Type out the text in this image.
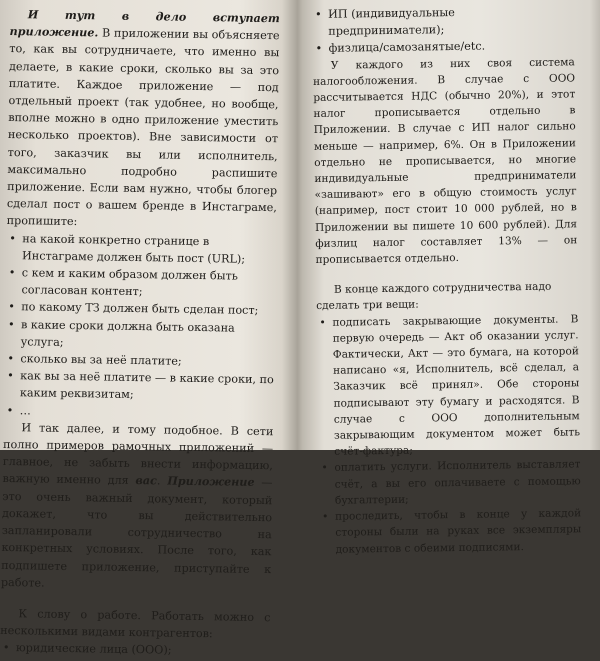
И тут в дело вступает приложение. В приложении вы объясняете то, как вы сотрудничаете, что именно вы делаете, в какие сроки, сколько вы за это платите. Каждое приложение — под отдельный проект (так удобнее, но вообще, вполне можно в одно приложение уместить несколько проектов). Вне зависимости от того, заказчик вы или исполнитель, максимально подробно распишите приложение. Если вам нужно, чтобы блогер сделал пост о вашем бренде в Инстаграме, пропишите:

• на какой конкретно странице в Инстаграме должен быть пост (URL);
• с кем и каким образом должен быть согласован контент;
• по какому ТЗ должен быть сделан пост;
• в какие сроки должна быть оказана услуга;
• сколько вы за неё платите;
• как вы за неё платите — в какие сроки, по каким реквизитам;
• …

И так далее, и тому подобное. В сети полно примеров рамочных приложений — главное, не забыть внести информацию, важную именно для вас. Приложение — это очень важный документ, который докажет, что вы действительно запланировали сотрудничество на конкретных условиях. После того, как подпишете приложение, приступайте к работе.

К слову о работе. Работать можно с несколькими видами контрагентов:

• юридические лица (ООО);
• ИП (индивидуальные предприниматели);
• физлица/самозанятые/etc.

У каждого из них своя система налогообложения. В случае с ООО рассчитывается НДС (обычно 20%), и этот налог прописывается отдельно в Приложении. В случае с ИП налог сильно меньше — например, 6%. Он в Приложении отдельно не прописывается, но многие индивидуальные предприниматели «зашивают» его в общую стоимость услуг (например, пост стоит 10 000 рублей, но в Приложении вы пишете 10 600 рублей). Для физлиц налог составляет 13% — он прописывается отдельно.

В конце каждого сотрудничества надо сделать три вещи:

• подписать закрывающие документы. В первую очередь — Акт об оказании услуг. Фактически, Акт — это бумага, на которой написано «я, Исполнитель, всё сделал, а Заказчик всё принял». Обе стороны подписывают эту бумагу и расходятся. В случае с ООО дополнительным закрывающим документом может быть счёт-фактура;
• оплатить услуги. Исполнитель выставляет счёт, а вы его оплачиваете с помощью бухгалтерии;
• проследить, чтобы в конце у каждой стороны были на руках все экземпляры документов с обеими подписями.
